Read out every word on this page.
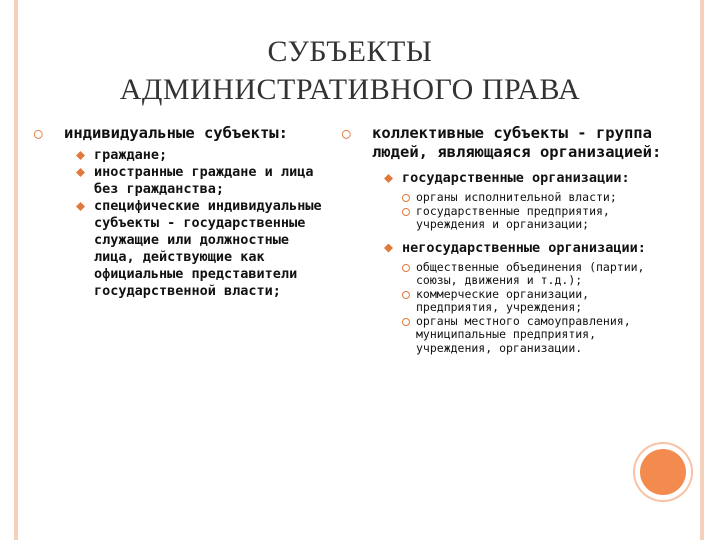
СУБЪЕКТЫ
АДМИНИСТРАТИВНОГО ПРАВА
◯	индивидуальные субъекты:
граждане;
иностранные граждане и лица без гражданства;
специфические индивидуальные субъекты - государственные служащие или должностные лица, действующие как официальные представители государственной власти;
◯	коллективные субъекты - группа людей, являющаяся организацией:
государственные организации:
органы исполнительной власти;
государственные предприятия, учреждения и организации;
негосударственные организации:
общественные объединения (партии, союзы, движения и т.д.);
коммерческие организации, предприятия, учреждения;
органы местного самоуправления, муниципальные предприятия, учреждения, организации.
